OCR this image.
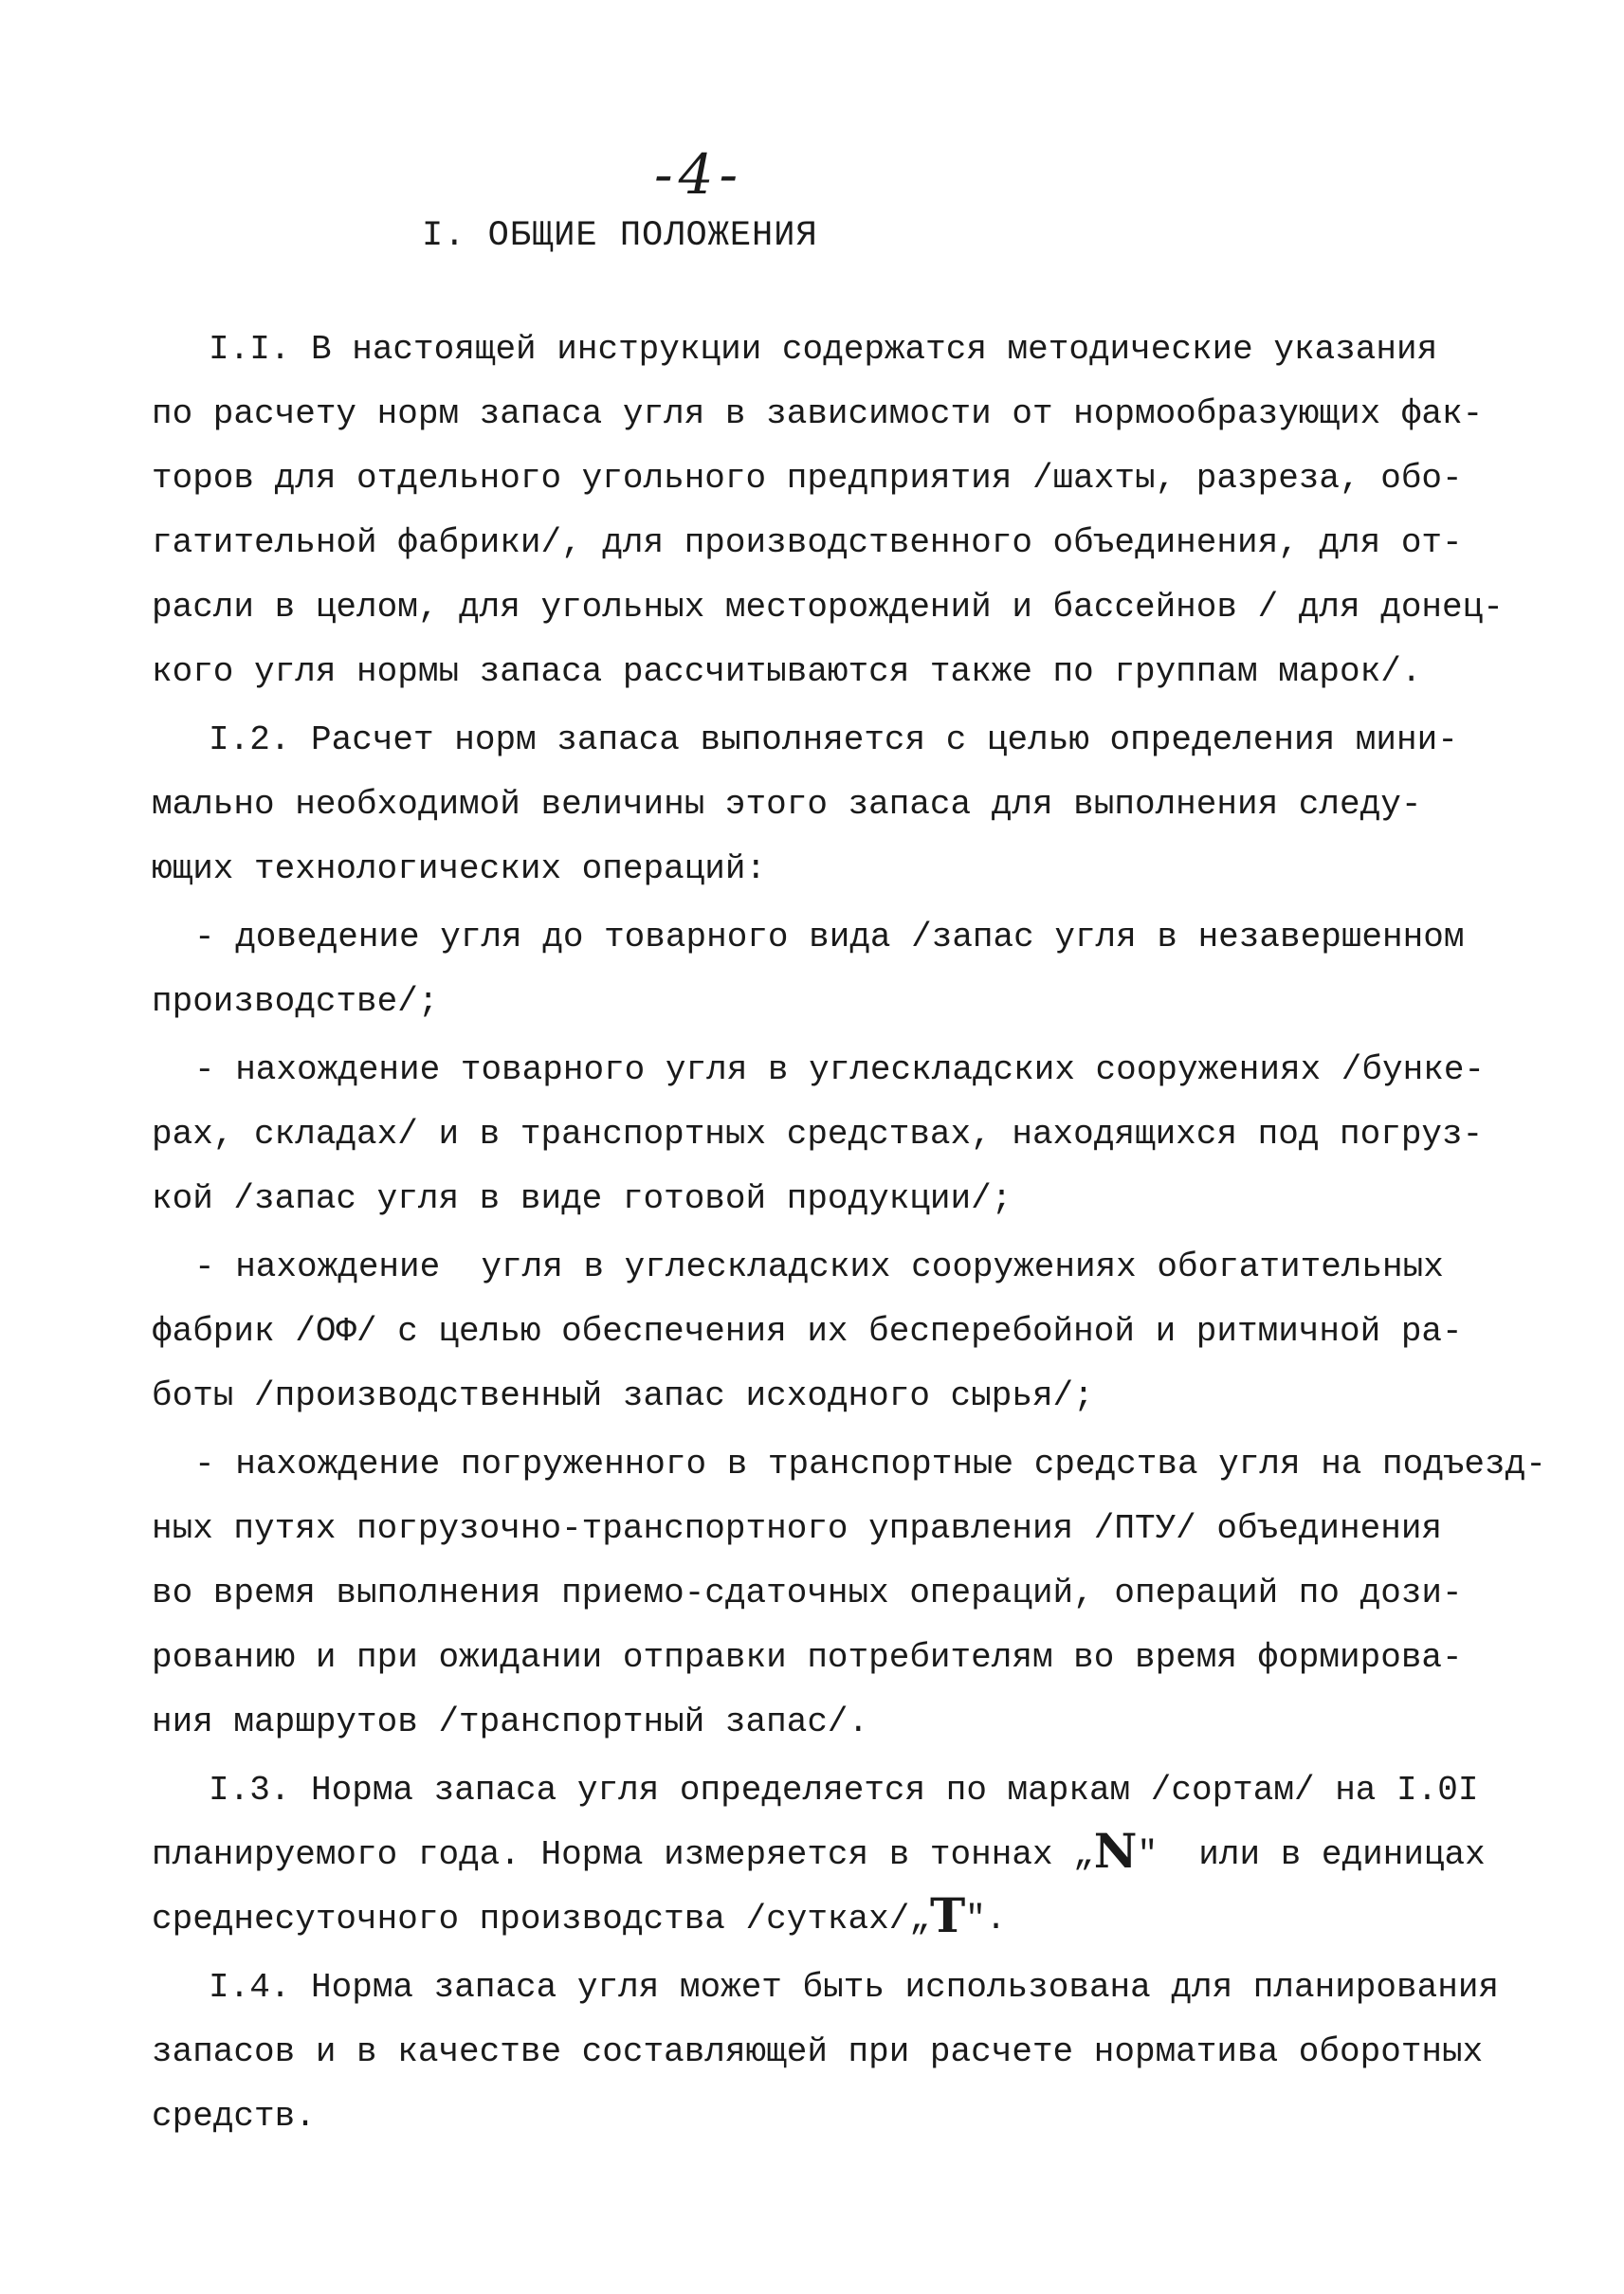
-4-
I. ОБЩИЕ ПОЛОЖЕНИЯ
I.I. В настоящей инструкции содержатся методические указания
по расчету норм запаса угля в зависимости от нормообразующих фак-
торов для отдельного угольного предприятия /шахты, разреза, обо-
гатительной фабрики/, для производственного объединения, для от-
расли в целом, для угольных месторождений и бассейнов / для донец-
кого угля нормы запаса рассчитываются также по группам марок/.
I.2. Расчет норм запаса выполняется с целью определения мини-
мально необходимой величины этого запаса для выполнения следу-
ющих технологических операций:
- доведение угля до товарного вида /запас угля в незавершенном
производстве/;
- нахождение товарного угля в углескладских сооружениях /бунке-
рах, складах/ и в транспортных средствах, находящихся под погруз-
кой /запас угля в виде готовой продукции/;
- нахождение  угля в углескладских сооружениях обогатительных
фабрик /ОФ/ с целью обеспечения их бесперебойной и ритмичной ра-
боты /производственный запас исходного сырья/;
- нахождение погруженного в транспортные средства угля на подъезд-
ных путях погрузочно-транспортного управления /ПТУ/ объединения
во время выполнения приемо-сдаточных операций, операций по дози-
рованию и при ожидании отправки потребителям во время формирова-
ния маршрутов /транспортный запас/.
I.3. Норма запаса угля определяется по маркам /сортам/ на I.0I
планируемого года. Норма измеряется в тоннах „N" или в единицах
среднесуточного производства /сутках/„Т".
I.4. Норма запаса угля может быть использована для планирования
запасов и в качестве составляющей при расчете норматива оборотных
средств.
